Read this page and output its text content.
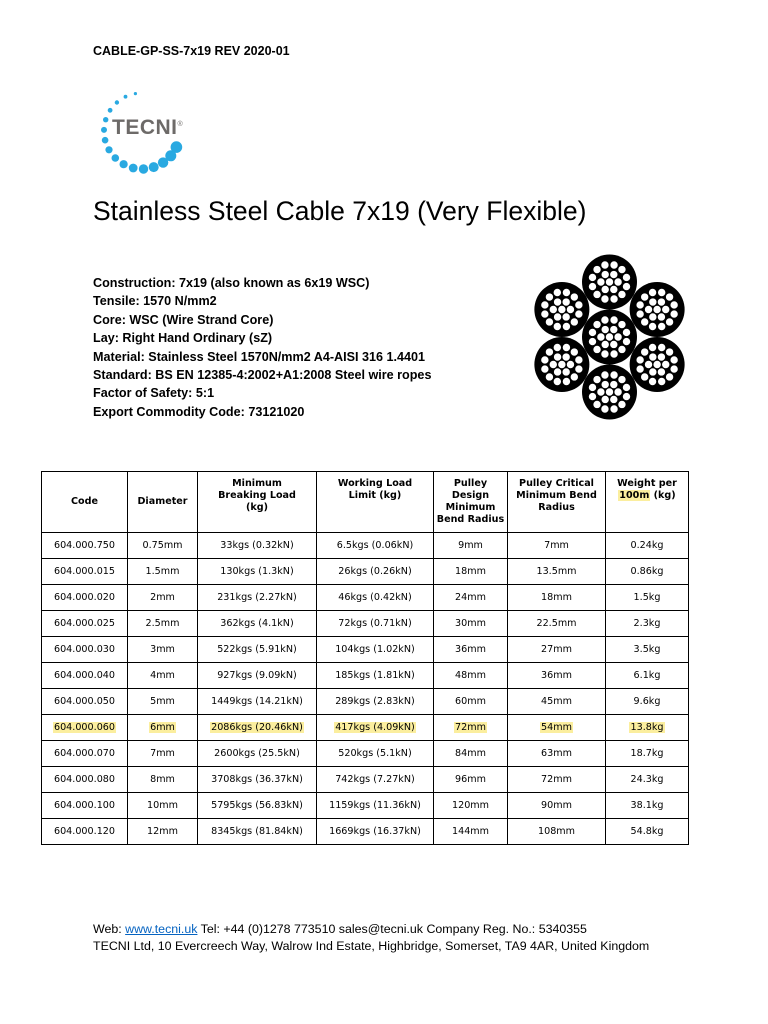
CABLE-GP-SS-7x19 REV 2020-01
TECNI®
Stainless Steel Cable 7x19 (Very Flexible)
Construction: 7x19 (also known as 6x19 WSC)
Tensile: 1570 N/mm2
Core: WSC (Wire Strand Core)
Lay: Right Hand Ordinary (sZ)
Material: Stainless Steel 1570N/mm2 A4-AISI 316 1.4401
Standard: BS EN 12385-4:2002+A1:2008 Steel wire ropes
Factor of Safety: 5:1
Export Commodity Code: 73121020
Code	Diameter	Minimum Breaking Load (kg)	Working Load Limit (kg)	Pulley Design Minimum Bend Radius	Pulley Critical Minimum Bend Radius	Weight per
100m (kg)
604.000.750	0.75mm	33kgs (0.32kN)	6.5kgs (0.06kN)	9mm	7mm	0.24kg
604.000.015	1.5mm	130kgs (1.3kN)	26kgs (0.26kN)	18mm	13.5mm	0.86kg
604.000.020	2mm	231kgs (2.27kN)	46kgs (0.42kN)	24mm	18mm	1.5kg
604.000.025	2.5mm	362kgs (4.1kN)	72kgs (0.71kN)	30mm	22.5mm	2.3kg
604.000.030	3mm	522kgs (5.91kN)	104kgs (1.02kN)	36mm	27mm	3.5kg
604.000.040	4mm	927kgs (9.09kN)	185kgs (1.81kN)	48mm	36mm	6.1kg
604.000.050	5mm	1449kgs (14.21kN)	289kgs (2.83kN)	60mm	45mm	9.6kg
604.000.060	6mm	2086kgs (20.46kN)	417kgs (4.09kN)	72mm	54mm	13.8kg
604.000.070	7mm	2600kgs (25.5kN)	520kgs (5.1kN)	84mm	63mm	18.7kg
604.000.080	8mm	3708kgs (36.37kN)	742kgs (7.27kN)	96mm	72mm	24.3kg
604.000.100	10mm	5795kgs (56.83kN)	1159kgs (11.36kN)	120mm	90mm	38.1kg
604.000.120	12mm	8345kgs (81.84kN)	1669kgs (16.37kN)	144mm	108mm	54.8kg
Web: www.tecni.uk Tel: +44 (0)1278 773510 sales@tecni.uk Company Reg. No.: 5340355
TECNI Ltd, 10 Evercreech Way, Walrow Ind Estate, Highbridge, Somerset, TA9 4AR, United Kingdom
